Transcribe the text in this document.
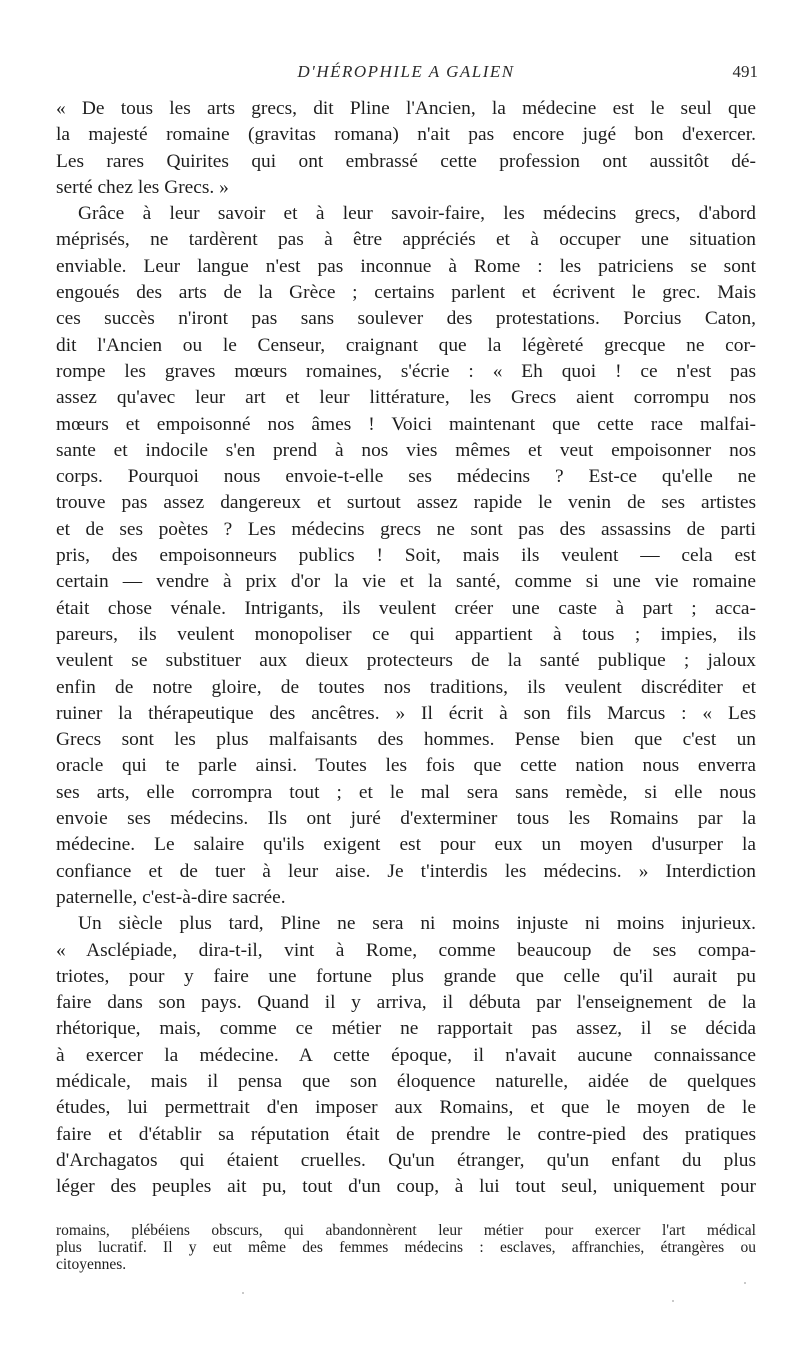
D'HÉROPHILE A GALIEN	491
« De tous les arts grecs, dit Pline l'Ancien, la médecine est le seul que
la majesté romaine (gravitas romana) n'ait pas encore jugé bon d'exercer.
Les rares Quirites qui ont embrassé cette profession ont aussitôt dé-
serté chez les Grecs. »
Grâce à leur savoir et à leur savoir-faire, les médecins grecs, d'abord
méprisés, ne tardèrent pas à être appréciés et à occuper une situation
enviable. Leur langue n'est pas inconnue à Rome : les patriciens se sont
engoués des arts de la Grèce ; certains parlent et écrivent le grec. Mais
ces succès n'iront pas sans soulever des protestations. Porcius Caton,
dit l'Ancien ou le Censeur, craignant que la légèreté grecque ne cor-
rompe les graves mœurs romaines, s'écrie : « Eh quoi ! ce n'est pas
assez qu'avec leur art et leur littérature, les Grecs aient corrompu nos
mœurs et empoisonné nos âmes ! Voici maintenant que cette race malfai-
sante et indocile s'en prend à nos vies mêmes et veut empoisonner nos
corps. Pourquoi nous envoie-t-elle ses médecins ? Est-ce qu'elle ne
trouve pas assez dangereux et surtout assez rapide le venin de ses artistes
et de ses poètes ? Les médecins grecs ne sont pas des assassins de parti
pris, des empoisonneurs publics ! Soit, mais ils veulent — cela est
certain — vendre à prix d'or la vie et la santé, comme si une vie romaine
était chose vénale. Intrigants, ils veulent créer une caste à part ; acca-
pareurs, ils veulent monopoliser ce qui appartient à tous ; impies, ils
veulent se substituer aux dieux protecteurs de la santé publique ; jaloux
enfin de notre gloire, de toutes nos traditions, ils veulent discréditer et
ruiner la thérapeutique des ancêtres. » Il écrit à son fils Marcus : « Les
Grecs sont les plus malfaisants des hommes. Pense bien que c'est un
oracle qui te parle ainsi. Toutes les fois que cette nation nous enverra
ses arts, elle corrompra tout ; et le mal sera sans remède, si elle nous
envoie ses médecins. Ils ont juré d'exterminer tous les Romains par la
médecine. Le salaire qu'ils exigent est pour eux un moyen d'usurper la
confiance et de tuer à leur aise. Je t'interdis les médecins. » Interdiction
paternelle, c'est-à-dire sacrée.
Un siècle plus tard, Pline ne sera ni moins injuste ni moins injurieux.
« Asclépiade, dira-t-il, vint à Rome, comme beaucoup de ses compa-
triotes, pour y faire une fortune plus grande que celle qu'il aurait pu
faire dans son pays. Quand il y arriva, il débuta par l'enseignement de la
rhétorique, mais, comme ce métier ne rapportait pas assez, il se décida
à exercer la médecine. A cette époque, il n'avait aucune connaissance
médicale, mais il pensa que son éloquence naturelle, aidée de quelques
études, lui permettrait d'en imposer aux Romains, et que le moyen de le
faire et d'établir sa réputation était de prendre le contre-pied des pratiques
d'Archagatos qui étaient cruelles. Qu'un étranger, qu'un enfant du plus
léger des peuples ait pu, tout d'un coup, à lui tout seul, uniquement pour
romains, plébéiens obscurs, qui abandonnèrent leur métier pour exercer l'art médical
plus lucratif. Il y eut même des femmes médecins : esclaves, affranchies, étrangères ou
citoyennes.
